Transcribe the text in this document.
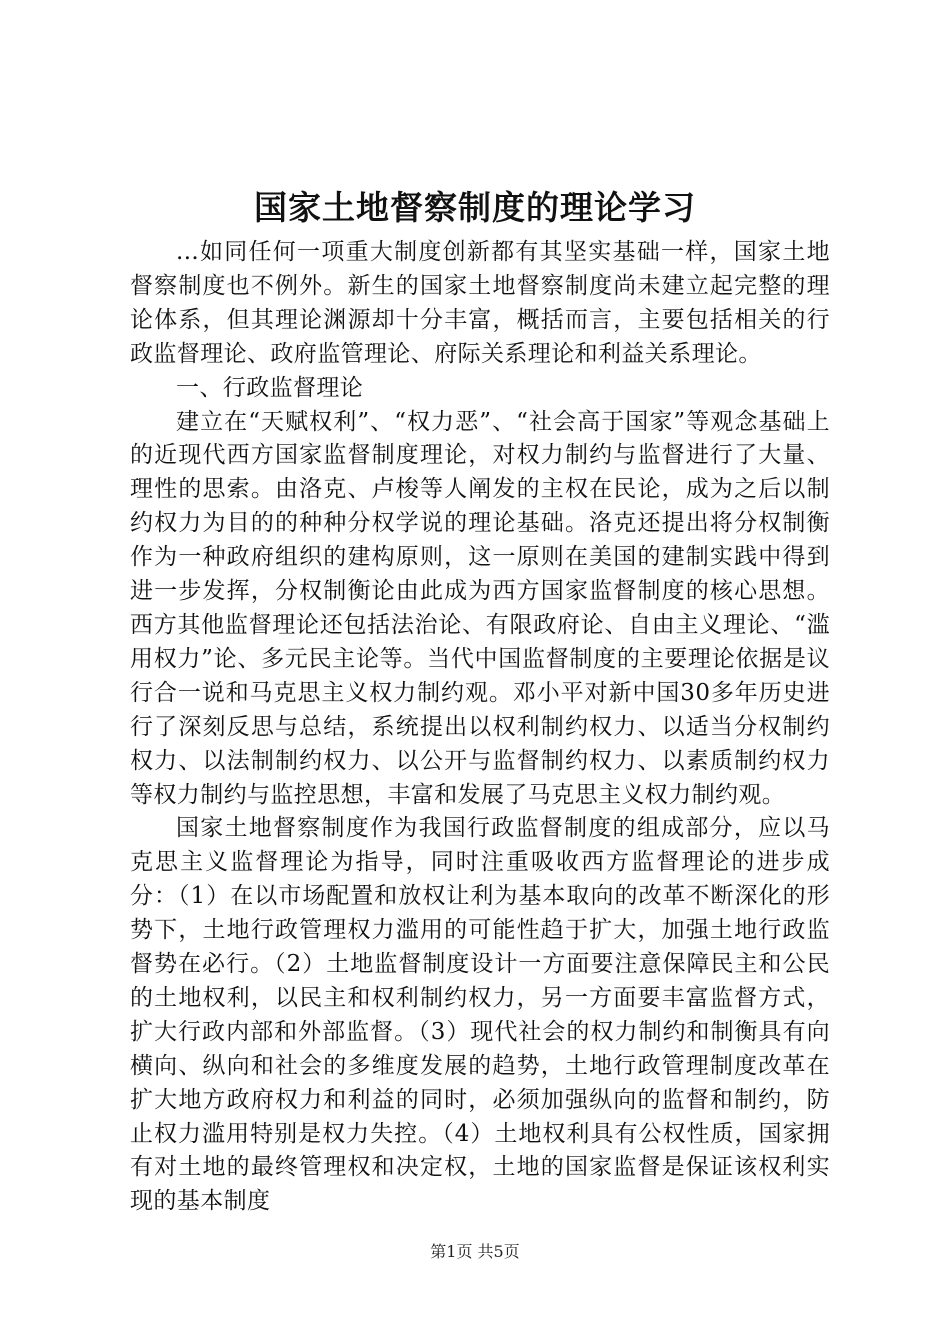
国家土地督察制度的理论学习

...如同任何一项重大制度创新都有其坚实基础一样，国家土地督察制度也不例外。新生的国家土地督察制度尚未建立起完整的理论体系，但其理论渊源却十分丰富，概括而言，主要包括相关的行政监督理论、政府监管理论、府际关系理论和利益关系理论。

一、行政监督理论

建立在“天赋权利”、“权力恶”、“社会高于国家”等观念基础上的近现代西方国家监督制度理论，对权力制约与监督进行了大量、理性的思索。由洛克、卢梭等人阐发的主权在民论，成为之后以制约权力为目的的种种分权学说的理论基础。洛克还提出将分权制衡作为一种政府组织的建构原则，这一原则在美国的建制实践中得到进一步发挥，分权制衡论由此成为西方国家监督制度的核心思想。西方其他监督理论还包括法治论、有限政府论、自由主义理论、“滥用权力”论、多元民主论等。当代中国监督制度的主要理论依据是议行合一说和马克思主义权力制约观。邓小平对新中国30多年历史进行了深刻反思与总结，系统提出以权利制约权力、以适当分权制约权力、以法制制约权力、以公开与监督制约权力、以素质制约权力等权力制约与监控思想，丰富和发展了马克思主义权力制约观。

国家土地督察制度作为我国行政监督制度的组成部分，应以马克思主义监督理论为指导，同时注重吸收西方监督理论的进步成分：（1）在以市场配置和放权让利为基本取向的改革不断深化的形势下，土地行政管理权力滥用的可能性趋于扩大，加强土地行政监督势在必行。（2）土地监督制度设计一方面要注意保障民主和公民的土地权利，以民主和权利制约权力，另一方面要丰富监督方式，扩大行政内部和外部监督。（3）现代社会的权力制约和制衡具有向横向、纵向和社会的多维度发展的趋势，土地行政管理制度改革在扩大地方政府权力和利益的同时，必须加强纵向的监督和制约，防止权力滥用特别是权力失控。（4）土地权利具有公权性质，国家拥有对土地的最终管理权和决定权，土地的国家监督是保证该权利实现的基本制度

第1页 共5页
